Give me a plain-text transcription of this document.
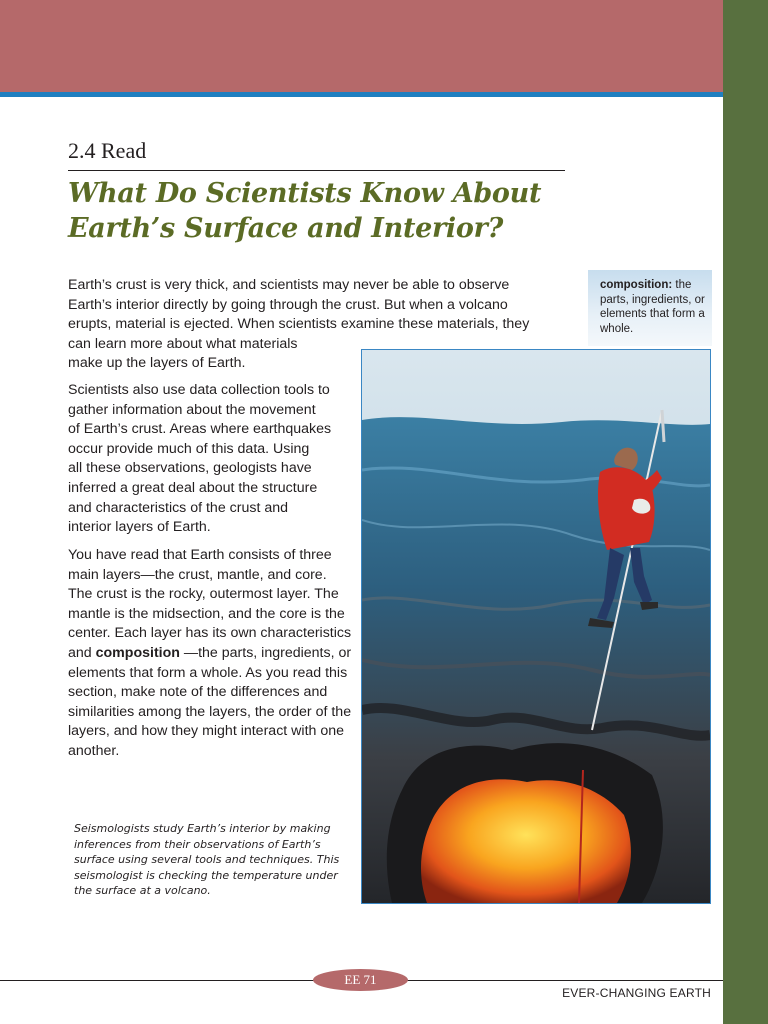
2.4 Read
What Do Scientists Know About Earth’s Surface and Interior?

Earth’s crust is very thick, and scientists may never be able to observe
Earth’s interior directly by going through the crust. But when a volcano
erupts, material is ejected. When scientists examine these materials, they
can learn more about what materials
make up the layers of Earth.

Scientists also use data collection tools to
gather information about the movement
of Earth’s crust. Areas where earthquakes
occur provide much of this data. Using
all these observations, geologists have
inferred a great deal about the structure
and characteristics of the crust and
interior layers of Earth.

You have read that Earth consists of three main layers—the crust, mantle, and core. The crust is the rocky, outermost layer. The mantle is the midsection, and the core is the center. Each layer has its own characteristics and composition —the parts, ingredients, or elements that form a whole. As you read this section, make note of the differences and similarities among the layers, the order of the layers, and how they might interact with one another.

composition: the parts, ingredients, or elements that form a whole.

Seismologists study Earth’s interior by making
inferences from their observations of Earth’s
surface using several tools and techniques. This
seismologist is checking the temperature under
the surface at a volcano.

EE 71
EVER-CHANGING EARTH
